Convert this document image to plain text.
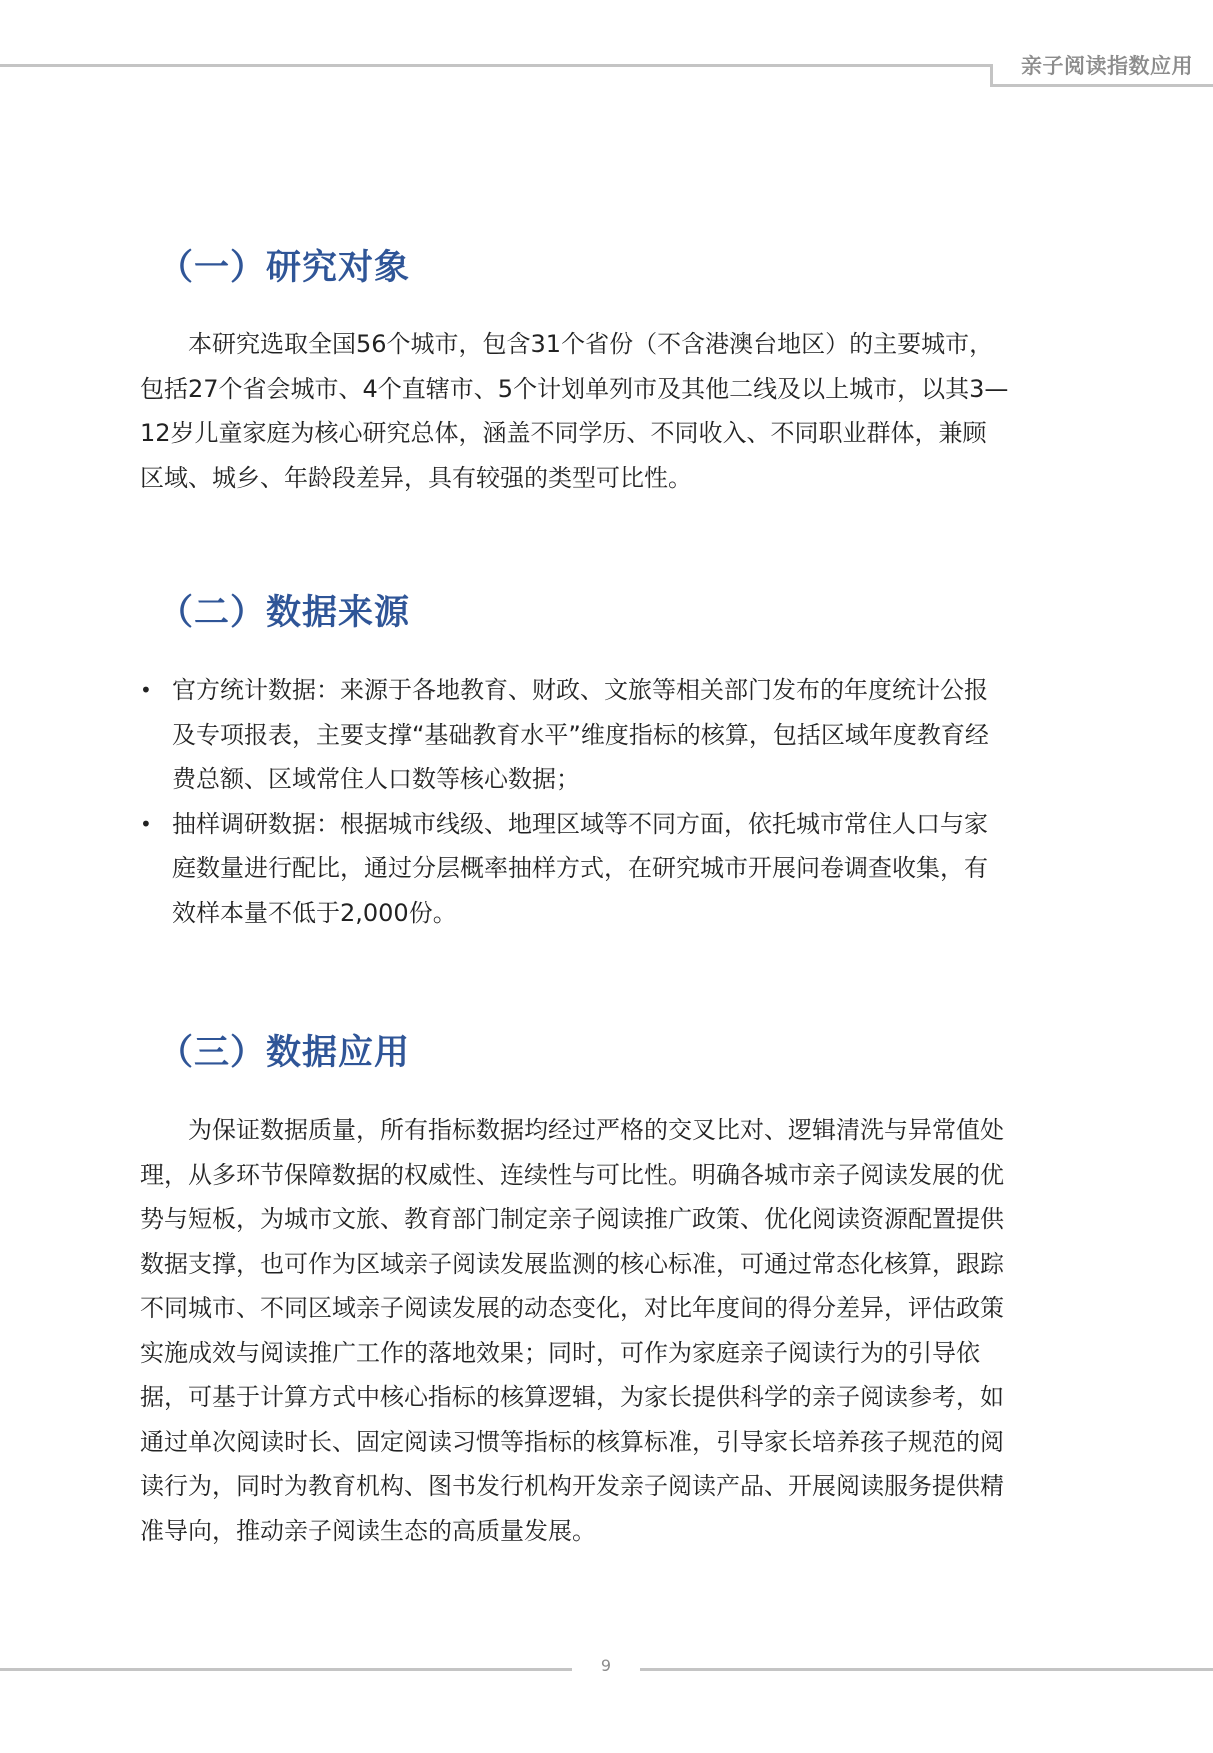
亲子阅读指数应用
（一）研究对象

本研究选取全国56个城市，包含31个省份（不含港澳台地区）的主要城市，包括27个省会城市、4个直辖市、5个计划单列市及其他二线及以上城市，以其3—12岁儿童家庭为核心研究总体，涵盖不同学历、不同收入、不同职业群体，兼顾区域、城乡、年龄段差异，具有较强的类型可比性。

（二）数据来源
• 官方统计数据：来源于各地教育、财政、文旅等相关部门发布的年度统计公报及专项报表，主要支撑“基础教育水平”维度指标的核算，包括区域年度教育经费总额、区域常住人口数等核心数据；
• 抽样调研数据：根据城市线级、地理区域等不同方面，依托城市常住人口与家庭数量进行配比，通过分层概率抽样方式，在研究城市开展问卷调查收集，有效样本量不低于2,000份。
（三）数据应用

为保证数据质量，所有指标数据均经过严格的交叉比对、逻辑清洗与异常值处理，从多环节保障数据的权威性、连续性与可比性。明确各城市亲子阅读发展的优势与短板，为城市文旅、教育部门制定亲子阅读推广政策、优化阅读资源配置提供数据支撑，也可作为区域亲子阅读发展监测的核心标准，可通过常态化核算，跟踪不同城市、不同区域亲子阅读发展的动态变化，对比年度间的得分差异，评估政策实施成效与阅读推广工作的落地效果；同时，可作为家庭亲子阅读行为的引导依据，可基于计算方式中核心指标的核算逻辑，为家长提供科学的亲子阅读参考，如通过单次阅读时长、固定阅读习惯等指标的核算标准，引导家长培养孩子规范的阅读行为，同时为教育机构、图书发行机构开发亲子阅读产品、开展阅读服务提供精准导向，推动亲子阅读生态的高质量发展。

9
